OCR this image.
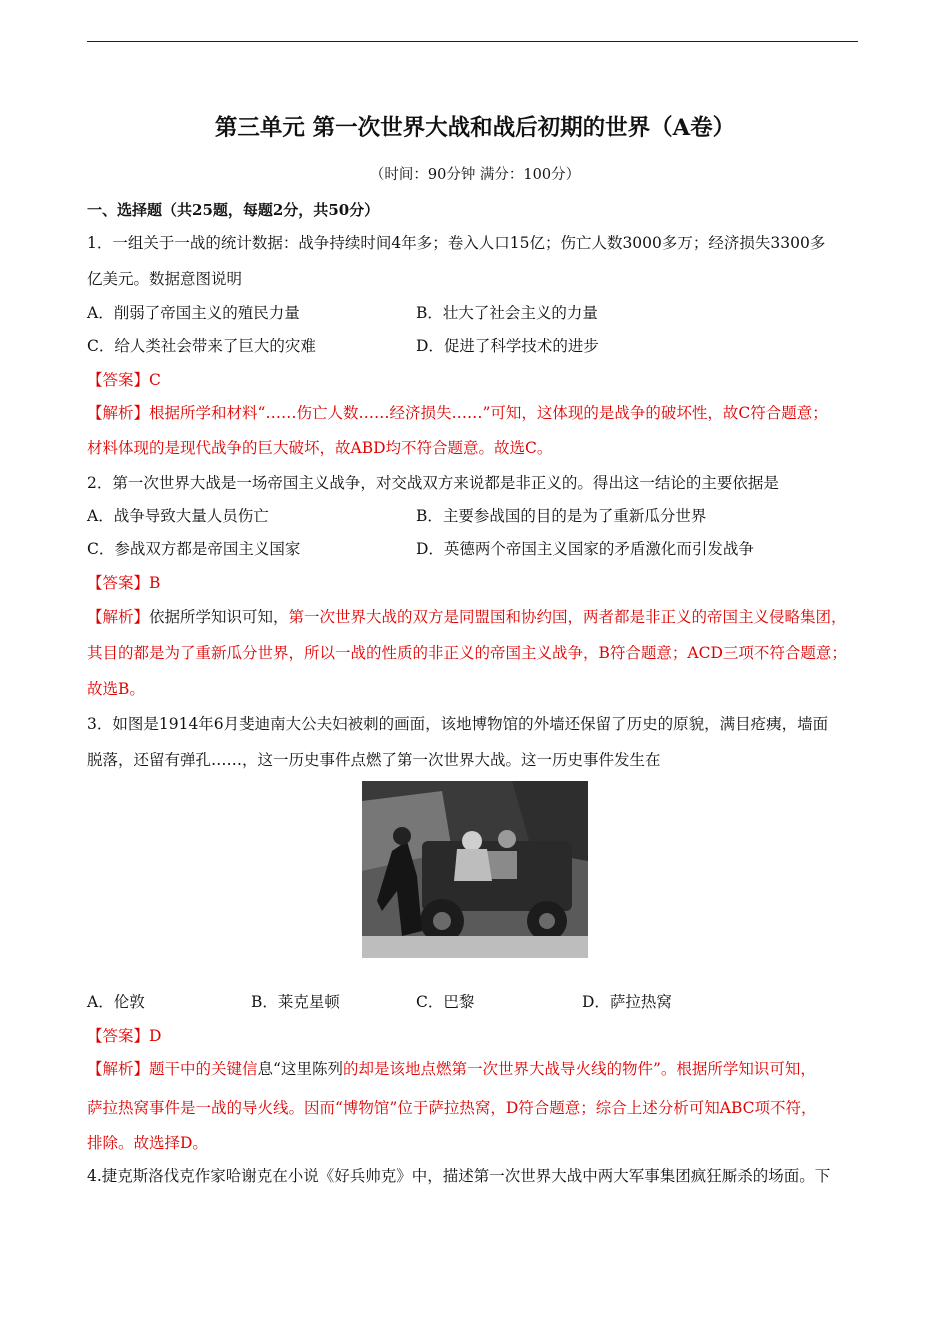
第三单元 第一次世界大战和战后初期的世界（A卷）
（时间：90分钟 满分：100分）
一、选择题（共25题，每题2分，共50分）
1．一组关于一战的统计数据：战争持续时间4年多；卷入人口15亿；伤亡人数3000多万；经济损失3300多
亿美元。数据意图说明
A．削弱了帝国主义的殖民力量	B．壮大了社会主义的力量
C．给人类社会带来了巨大的灾难	D．促进了科学技术的进步
【答案】C
【解析】根据所学和材料“……伤亡人数……经济损失……”可知，这体现的是战争的破坏性，故C符合题意；
材料体现的是现代战争的巨大破坏，故ABD均不符合题意。故选C。
2．第一次世界大战是一场帝国主义战争，对交战双方来说都是非正义的。得出这一结论的主要依据是
A．战争导致大量人员伤亡	B．主要参战国的目的是为了重新瓜分世界
C．参战双方都是帝国主义国家	D．英德两个帝国主义国家的矛盾激化而引发战争
【答案】B
【解析】依据所学知识可知，第一次世界大战的双方是同盟国和协约国，两者都是非正义的帝国主义侵略集团，
其目的都是为了重新瓜分世界，所以一战的性质的非正义的帝国主义战争，B符合题意；ACD三项不符合题意；
故选B。
3．如图是1914年6月斐迪南大公夫妇被刺的画面，该地博物馆的外墙还保留了历史的原貌，满目疮痍，墙面
脱落，还留有弹孔……，这一历史事件点燃了第一次世界大战。这一历史事件发生在
A．伦敦	B．莱克星顿	C．巴黎	D．萨拉热窝
【答案】D
【解析】题干中的关键信息“这里陈列的却是该地点燃第一次世界大战导火线的物件”。根据所学知识可知，
萨拉热窝事件是一战的导火线。因而“博物馆”位于萨拉热窝，D符合题意；综合上述分析可知ABC项不符，
排除。故选择D。
4.捷克斯洛伐克作家哈谢克在小说《好兵帅克》中，描述第一次世界大战中两大军事集团疯狂厮杀的场面。下
